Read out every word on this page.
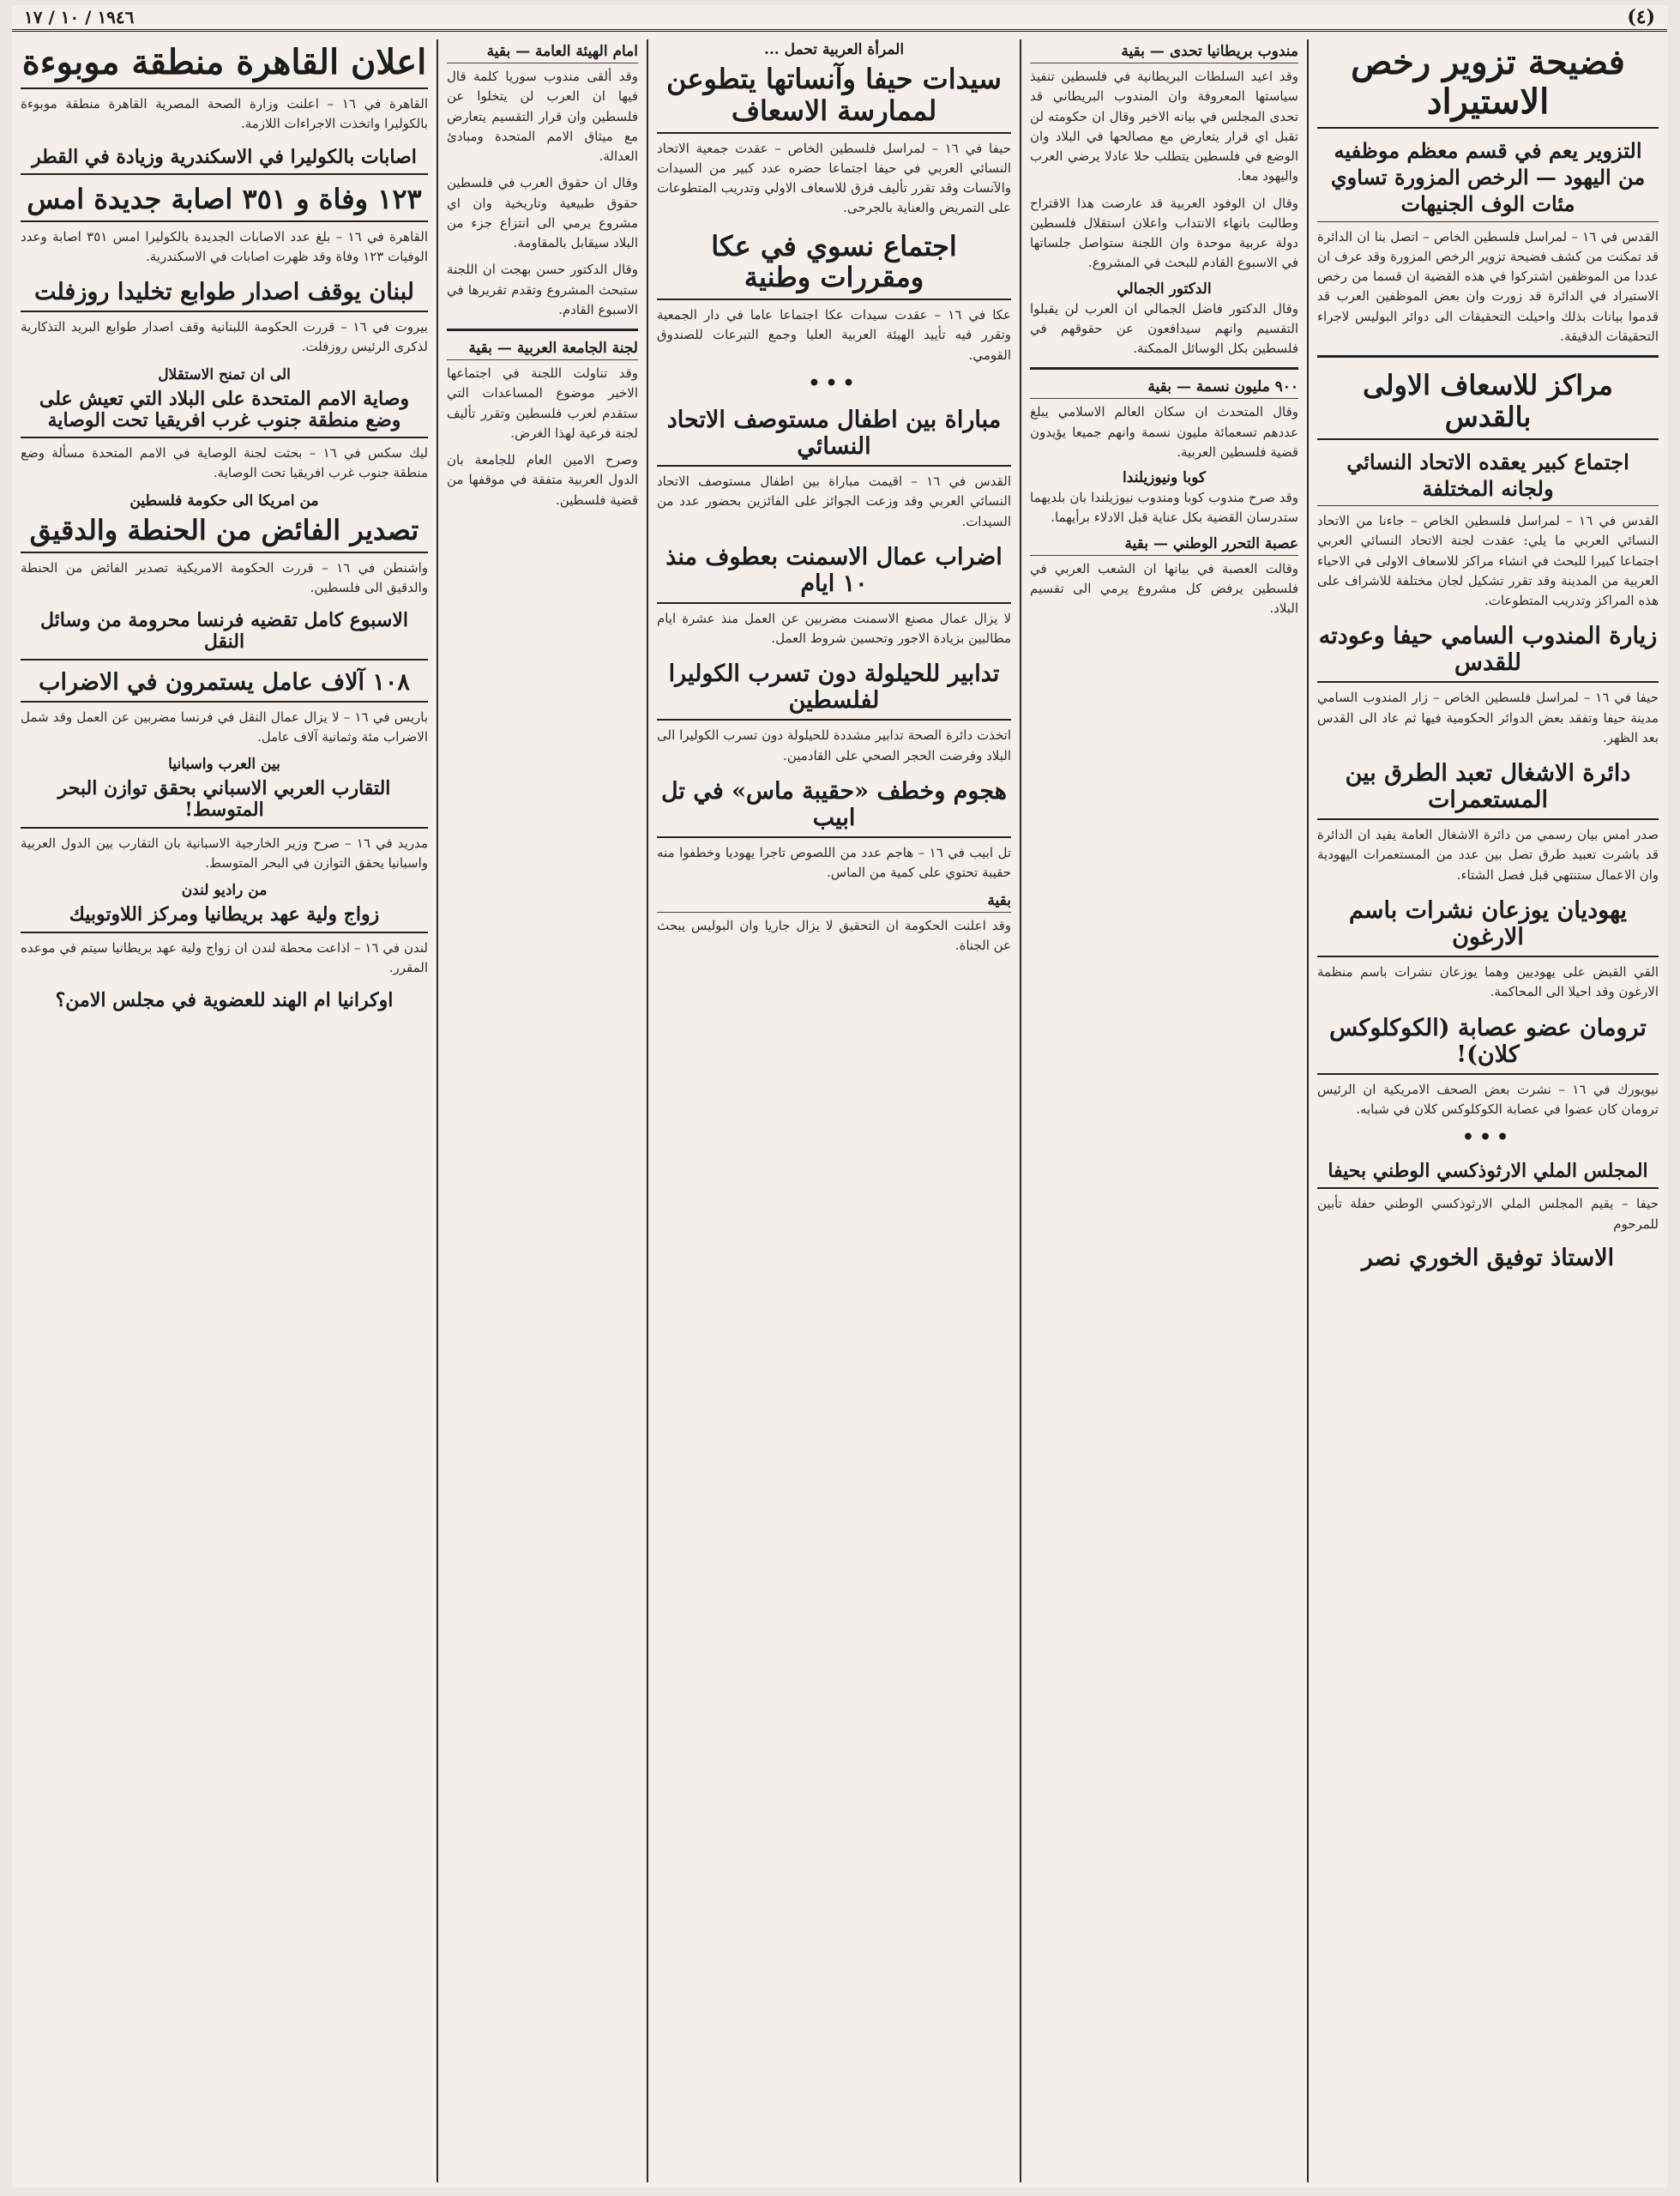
(٤)
١٩٤٦ / ١٠ / ١٧
فضيحة تزوير رخص الاستيراد
التزوير يعم في قسم معظم موظفيه من اليهود — الرخص المزورة تساوي مئات الوف الجنيهات

القدس في ١٦ – لمراسل فلسطين الخاص – اتصل بنا ان الدائرة قد تمكنت من كشف فضيحة تزوير الرخص المزورة وقد عرف ان عددا من الموظفين اشتركوا في هذه القضية ان قسما من رخص الاستيراد في الدائرة قد زورت وان بعض الموظفين العرب قد قدموا بيانات بذلك واحيلت التحقيقات الى دوائر البوليس لاجراء التحقيقات الدقيقة.

مراكز للاسعاف الاولى بالقدس
اجتماع كبير يعقده الاتحاد النسائي ولجانه المختلفة

القدس في ١٦ – لمراسل فلسطين الخاص – جاءنا من الاتحاد النسائي العربي ما يلي: عقدت لجنة الاتحاد النسائي العربي اجتماعا كبيرا للبحث في انشاء مراكز للاسعاف الاولى في الاحياء العربية من المدينة وقد تقرر تشكيل لجان مختلفة للاشراف على هذه المراكز وتدريب المتطوعات.

زيارة المندوب السامي حيفا وعودته للقدس

حيفا في ١٦ – لمراسل فلسطين الخاص – زار المندوب السامي مدينة حيفا وتفقد بعض الدوائر الحكومية فيها ثم عاد الى القدس بعد الظهر.

دائرة الاشغال تعبد الطرق بين المستعمرات

صدر امس بيان رسمي من دائرة الاشغال العامة يفيد ان الدائرة قد باشرت تعبيد طرق تصل بين عدد من المستعمرات اليهودية وان الاعمال ستنتهي قبل فصل الشتاء.

يهوديان يوزعان نشرات باسم الارغون

القي القبض على يهوديين وهما يوزعان نشرات باسم منظمة الارغون وقد احيلا الى المحاكمة.

ترومان عضو عصابة (الكوكلوكس كلان)!

نيويورك في ١٦ – نشرت بعض الصحف الامريكية ان الرئيس ترومان كان عضوا في عصابة الكوكلوكس كلان في شبابه.

•••
المجلس الملي الارثوذكسي الوطني بحيفا

حيفا – يقيم المجلس الملي الارثوذكسي الوطني حفلة تأبين للمرحوم

الاستاذ توفيق الخوري نصر
مندوب بريطانيا تحدى — بقية

وقد اعيد السلطات البريطانية في فلسطين تنفيذ سياستها المعروفة وان المندوب البريطاني قد تحدى المجلس في بيانه الاخير وقال ان حكومته لن تقبل اي قرار يتعارض مع مصالحها في البلاد وان الوضع في فلسطين يتطلب حلا عادلا يرضي العرب واليهود معا.

وقال ان الوفود العربية قد عارضت هذا الاقتراح وطالبت بانهاء الانتداب واعلان استقلال فلسطين دولة عربية موحدة وان اللجنة ستواصل جلساتها في الاسبوع القادم للبحث في المشروع.

الدكتور الجمالي

وقال الدكتور فاضل الجمالي ان العرب لن يقبلوا التقسيم وانهم سيدافعون عن حقوقهم في فلسطين بكل الوسائل الممكنة.

٩٠٠ مليون نسمة — بقية

وقال المتحدث ان سكان العالم الاسلامي يبلغ عددهم تسعمائة مليون نسمة وانهم جميعا يؤيدون قضية فلسطين العربية.

كوبا ونيوزيلندا

وقد صرح مندوب كوبا ومندوب نيوزيلندا بان بلديهما ستدرسان القضية بكل عناية قبل الادلاء برأيهما.

عصبة التحرر الوطني — بقية

وقالت العصبة في بيانها ان الشعب العربي في فلسطين يرفض كل مشروع يرمي الى تقسيم البلاد.

المرأة العربية تحمل ...
سيدات حيفا وآنساتها يتطوعن لممارسة الاسعاف

حيفا في ١٦ – لمراسل فلسطين الخاص – عقدت جمعية الاتحاد النسائي العربي في حيفا اجتماعا حضره عدد كبير من السيدات والآنسات وقد تقرر تأليف فرق للاسعاف الاولي وتدريب المتطوعات على التمريض والعناية بالجرحى.

اجتماع نسوي في عكا ومقررات وطنية

عكا في ١٦ – عقدت سيدات عكا اجتماعا عاما في دار الجمعية وتقرر فيه تأييد الهيئة العربية العليا وجمع التبرعات للصندوق القومي.

•••
مباراة بين اطفال مستوصف الاتحاد النسائي

القدس في ١٦ – اقيمت مباراة بين اطفال مستوصف الاتحاد النسائي العربي وقد وزعت الجوائز على الفائزين بحضور عدد من السيدات.

اضراب عمال الاسمنت بعطوف منذ ١٠ ايام

لا يزال عمال مصنع الاسمنت مضربين عن العمل منذ عشرة ايام مطالبين بزيادة الاجور وتحسين شروط العمل.

تدابير للحيلولة دون تسرب الكوليرا لفلسطين

اتخذت دائرة الصحة تدابير مشددة للحيلولة دون تسرب الكوليرا الى البلاد وفرضت الحجر الصحي على القادمين.

هجوم وخطف «حقيبة ماس» في تل ابيب

تل ابيب في ١٦ – هاجم عدد من اللصوص تاجرا يهوديا وخطفوا منه حقيبة تحتوي على كمية من الماس.

بقية

وقد اعلنت الحكومة ان التحقيق لا يزال جاريا وان البوليس يبحث عن الجناة.

امام الهيئة العامة — بقية

وقد ألقى مندوب سوريا كلمة قال فيها ان العرب لن يتخلوا عن فلسطين وان قرار التقسيم يتعارض مع ميثاق الامم المتحدة ومبادئ العدالة.

وقال ان حقوق العرب في فلسطين حقوق طبيعية وتاريخية وان اي مشروع يرمي الى انتزاع جزء من البلاد سيقابل بالمقاومة.

وقال الدكتور حسن بهجت ان اللجنة ستبحث المشروع وتقدم تقريرها في الاسبوع القادم.

لجنة الجامعة العربية — بقية

وقد تناولت اللجنة في اجتماعها الاخير موضوع المساعدات التي ستقدم لعرب فلسطين وتقرر تأليف لجنة فرعية لهذا الغرض.

وصرح الامين العام للجامعة بان الدول العربية متفقة في موقفها من قضية فلسطين.

اعلان القاهرة منطقة موبوءة

القاهرة في ١٦ – اعلنت وزارة الصحة المصرية القاهرة منطقة موبوءة بالكوليرا واتخذت الاجراءات اللازمة.

اصابات بالكوليرا في الاسكندرية وزيادة في القطر
١٢٣ وفاة و ٣٥١ اصابة جديدة امس

القاهرة في ١٦ – بلغ عدد الاصابات الجديدة بالكوليرا امس ٣٥١ اصابة وعدد الوفيات ١٢٣ وفاة وقد ظهرت اصابات في الاسكندرية.

لبنان يوقف اصدار طوابع تخليدا روزفلت

بيروت في ١٦ – قررت الحكومة اللبنانية وقف اصدار طوابع البريد التذكارية لذكرى الرئيس روزفلت.

الى ان تمنح الاستقلال
وصاية الامم المتحدة على البلاد التي تعيش على وضع منطقة جنوب غرب افريقيا تحت الوصاية

ليك سكس في ١٦ – بحثت لجنة الوصاية في الامم المتحدة مسألة وضع منطقة جنوب غرب افريقيا تحت الوصاية.

من امريكا الى حكومة فلسطين
تصدير الفائض من الحنطة والدقيق

واشنطن في ١٦ – قررت الحكومة الامريكية تصدير الفائض من الحنطة والدقيق الى فلسطين.

الاسبوع كامل تقضيه فرنسا محرومة من وسائل النقل
١٠٨ آلاف عامل يستمرون في الاضراب

باريس في ١٦ – لا يزال عمال النقل في فرنسا مضربين عن العمل وقد شمل الاضراب مئة وثمانية آلاف عامل.

بين العرب واسبانيا
التقارب العربي الاسباني بحقق توازن البحر المتوسط!

مدريد في ١٦ – صرح وزير الخارجية الاسبانية بان التقارب بين الدول العربية واسبانيا يحقق التوازن في البحر المتوسط.

من راديو لندن
زواج ولية عهد بريطانيا ومركز اللاوتوبيك

لندن في ١٦ – اذاعت محطة لندن ان زواج ولية عهد بريطانيا سيتم في موعده المقرر.

اوكرانيا ام الهند للعضوية في مجلس الامن؟
